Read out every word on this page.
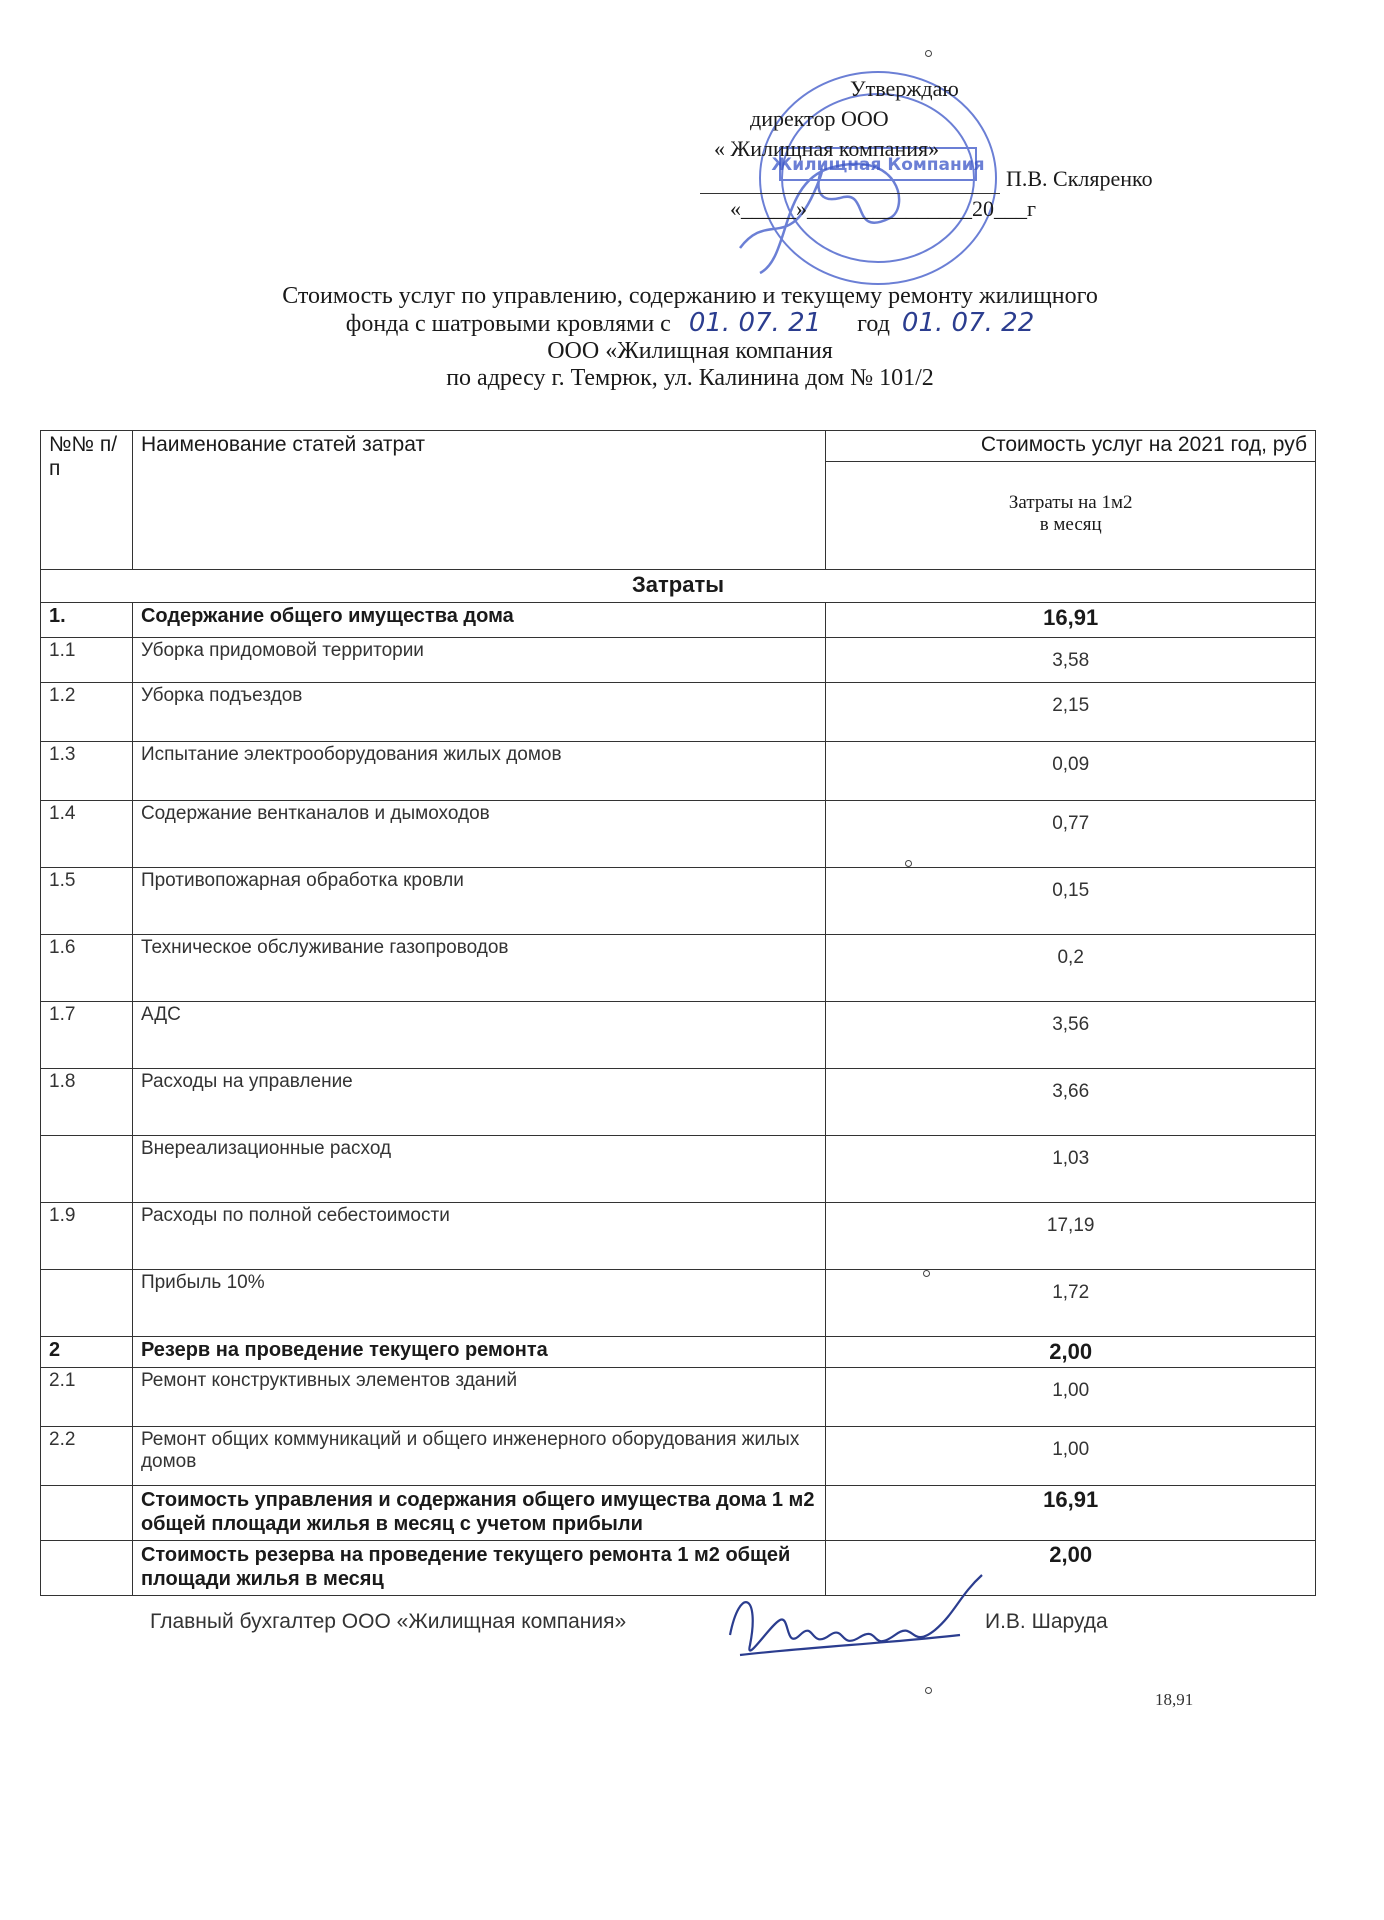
Жилищная Компания
Утверждаю
директор ООО
« Жилищная компания»
П.В. Скляренко
«_____»_______________20___г
Стоимость услуг по управлению, содержанию и текущему ремонту жилищного
фонда с шатровыми кровлями с 01. 07. 21 год 01. 07. 22
ООО «Жилищная компания
по адресу г. Темрюк, ул. Калинина дом № 101/2
№№ п/п	Наименование статей затрат	Стоимость услуг на 2021 год, руб
Затраты на 1м2
в месяц

Затраты		
1.	Содержание общего имущества дома	16,91
1.1	Уборка придомовой территории	3,58
1.2	Уборка подъездов	2,15
1.3	Испытание электрооборудования жилых домов	0,09
1.4	Содержание вентканалов и дымоходов	0,77
1.5	Противопожарная обработка кровли	0,15
1.6	Техническое обслуживание газопроводов	0,2
1.7	АДС	3,56
1.8	Расходы на управление	3,66
	Внереализационные расход	1,03
1.9	Расходы по полной себестоимости	17,19
	Прибыль 10%	1,72
2	Резерв на проведение текущего ремонта	2,00
2.1	Ремонт конструктивных элементов зданий	1,00
2.2	Ремонт общих коммуникаций и общего инженерного оборудования жилых домов	1,00
	Стоимость управления и содержания общего имущества дома 1 м2 общей площади жилья в месяц с учетом прибыли	16,91
	Стоимость резерва на проведение текущего ремонта 1 м2 общей площади жилья в месяц	2,00
Главный бухгалтер ООО «Жилищная компания»	И.В. Шаруда
18,91
